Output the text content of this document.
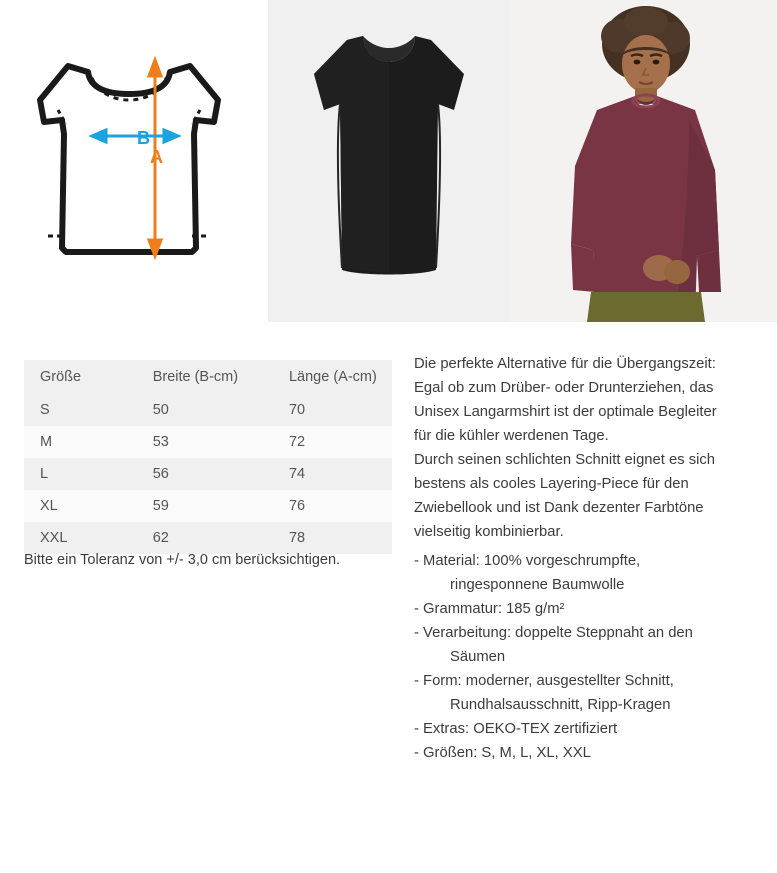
B
A
Größe	Breite (B-cm)	Länge (A-cm)
S	50	70
M	53	72
L	56	74
XL	59	76
XXL	62	78
Bitte ein Toleranz von +/- 3,0 cm berücksichtigen.

Die perfekte Alternative für die Übergangszeit:

Egal ob zum Drüber- oder Drunterziehen, das

Unisex Langarmshirt ist der optimale Begleiter

für die kühler werdenen Tage.

Durch seinen schlichten Schnitt eignet es sich

bestens als cooles Layering-Piece für den

Zwiebellook und ist Dank dezenter Farbtöne

vielseitig kombinierbar.

- Material: 100% vorgeschrumpfte,

ringesponnene Baumwolle

- Grammatur: 185 g/m²

- Verarbeitung: doppelte Steppnaht an den

Säumen

- Form: moderner, ausgestellter Schnitt,

Rundhalsausschnitt, Ripp-Kragen

- Extras: OEKO-TEX zertifiziert

- Größen: S, M, L, XL, XXL
